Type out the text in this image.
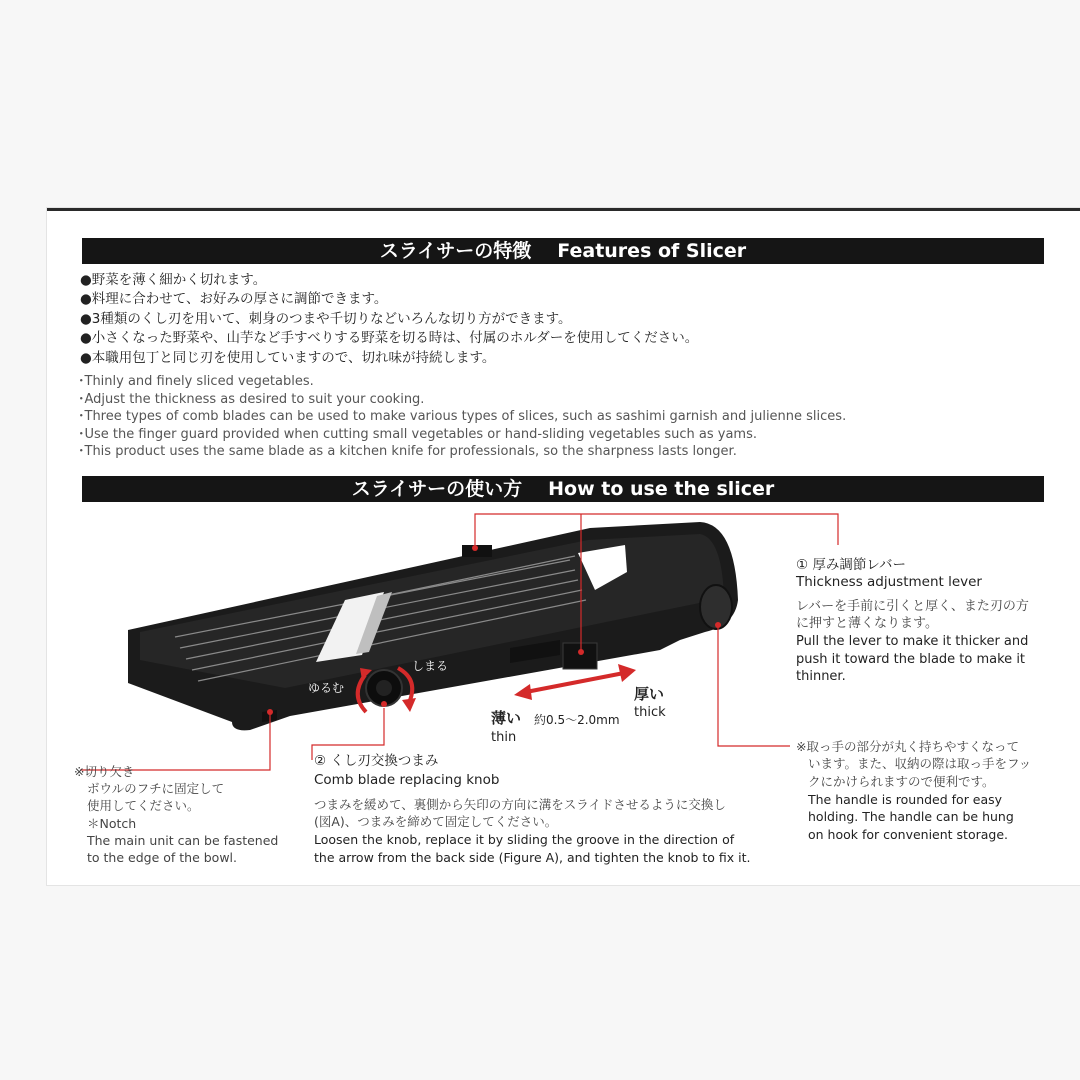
スライサーの特徴 Features of Slicer
●野菜を薄く細かく切れます。
●料理に合わせて、お好みの厚さに調節できます。
●3種類のくし刃を用いて、刺身のつまや千切りなどいろんな切り方ができます。
●小さくなった野菜や、山芋など手すべりする野菜を切る時は、付属のホルダーを使用してください。
●本職用包丁と同じ刃を使用していますので、切れ味が持続します。
･Thinly and finely sliced vegetables.
･Adjust the thickness as desired to suit your cooking.
･Three types of comb blades can be used to make various types of slices, such as sashimi garnish and julienne slices.
･Use the finger guard provided when cutting small vegetables or hand-sliding vegetables such as yams.
･This product uses the same blade as a kitchen knife for professionals, so the sharpness lasts longer.
スライサーの使い方 How to use the slicer
しまる
ゆるむ
薄い 約0.5～2.0mm
thin
厚い
thick
① 厚み調節レバー
Thickness adjustment lever
レバーを手前に引くと厚く、また刃の方
に押すと薄くなります。
Pull the lever to make it thicker and
push it toward the blade to make it
thinner.
② くし刃交換つまみ
Comb blade replacing knob
つまみを緩めて、裏側から矢印の方向に溝をスライドさせるように交換し
(図A)、つまみを締めて固定してください。
Loosen the knob, replace it by sliding the groove in the direction of
the arrow from the back side (Figure A), and tighten the knob to fix it.
※切り欠き
ボウルのフチに固定して
使用してください。
＊Notch
The main unit can be fastened
to the edge of the bowl.
※取っ手の部分が丸く持ちやすくなって
います。また、収納の際は取っ手をフッ
クにかけられますので便利です。
The handle is rounded for easy
holding. The handle can be hung
on hook for convenient storage.
